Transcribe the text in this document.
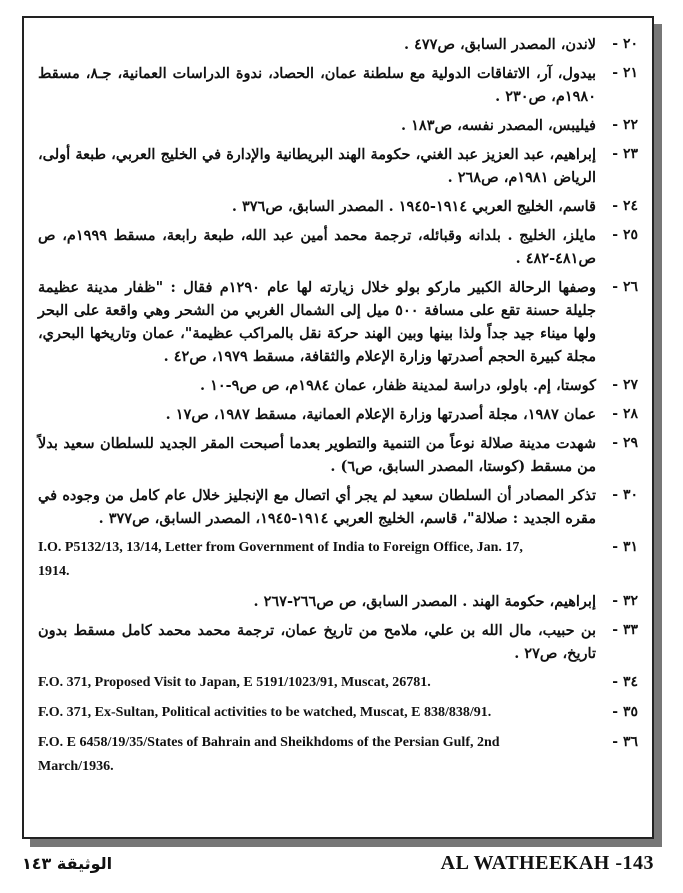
٢٠ -
لاندن، المصدر السابق، ص٤٧٧ .
٢١ -
بيدول، آر، الاتفاقات الدولية مع سلطنة عمان، الحصاد، ندوة الدراسات العمانية، جـ٨، مسقط ١٩٨٠م، ص٢٣٠ .
٢٢ -
فيليبس، المصدر نفسه، ص١٨٣ .
٢٣ -
إبراهيم، عبد العزيز عبد الغني، حكومة الهند البريطانية والإدارة في الخليج العربي، طبعة أولى، الرياض ١٩٨١م، ص٢٦٨ .
٢٤ -
قاسم، الخليج العربي ١٩١٤-١٩٤٥ . المصدر السابق، ص٣٧٦ .
٢٥ -
مايلز، الخليج . بلدانه وقبائله، ترجمة محمد أمين عبد الله، طبعة رابعة، مسقط ١٩٩٩م، ص ص٤٨١-٤٨٢ .
٢٦ -
وصفها الرحالة الكبير ماركو بولو خلال زيارته لها عام ١٢٩٠م فقال : "ظفار مدينة عظيمة جليلة حسنة تقع على مسافة ٥٠٠ ميل إلى الشمال الغربي من الشحر وهي واقعة على البحر ولها ميناء جيد جداً ولذا بينها وبين الهند حركة نقل بالمراكب عظيمة"، عمان وتاريخها البحري، مجلة كبيرة الحجم أصدرتها وزارة الإعلام والثقافة، مسقط ١٩٧٩، ص٤٢ .
٢٧ -
كوستا، إم. باولو، دراسة لمدينة ظفار، عمان ١٩٨٤م، ص ص٩-١٠ .
٢٨ -
عمان ١٩٨٧، مجلة أصدرتها وزارة الإعلام العمانية، مسقط ١٩٨٧، ص١٧ .
٢٩ -
شهدت مدينة صلالة نوعاً من التنمية والتطوير بعدما أصبحت المقر الجديد للسلطان سعيد بدلاً من مسقط (كوستا، المصدر السابق، ص٦) .
٣٠ -
تذكر المصادر أن السلطان سعيد لم يجر أي اتصال مع الإنجليز خلال عام كامل من وجوده في مقره الجديد : صلالة"، قاسم، الخليج العربي ١٩١٤-١٩٤٥، المصدر السابق، ص٣٧٧ .
٣١ -
I.O. P5132/13, 13/14, Letter from Government of India to Foreign Office, Jan. 17,
1914.
٣٢ -
إبراهيم، حكومة الهند . المصدر السابق، ص ص٢٦٦-٢٦٧ .
٣٣ -
بن حبيب، مال الله بن علي، ملامح من تاريخ عمان، ترجمة محمد محمد كامل مسقط بدون تاريخ، ص٢٧ .
٣٤ -
F.O. 371, Proposed Visit to Japan, E 5191/1023/91, Muscat, 26781.
٣٥ -
F.O. 371, Ex-Sultan, Political activities to be watched, Muscat, E 838/838/91.
٣٦ -
F.O. E 6458/19/35/States of Bahrain and Sheikhdoms of the Persian Gulf, 2nd
March/1936.
الوثيقة ١٤٣	AL WATHEEKAH -143
